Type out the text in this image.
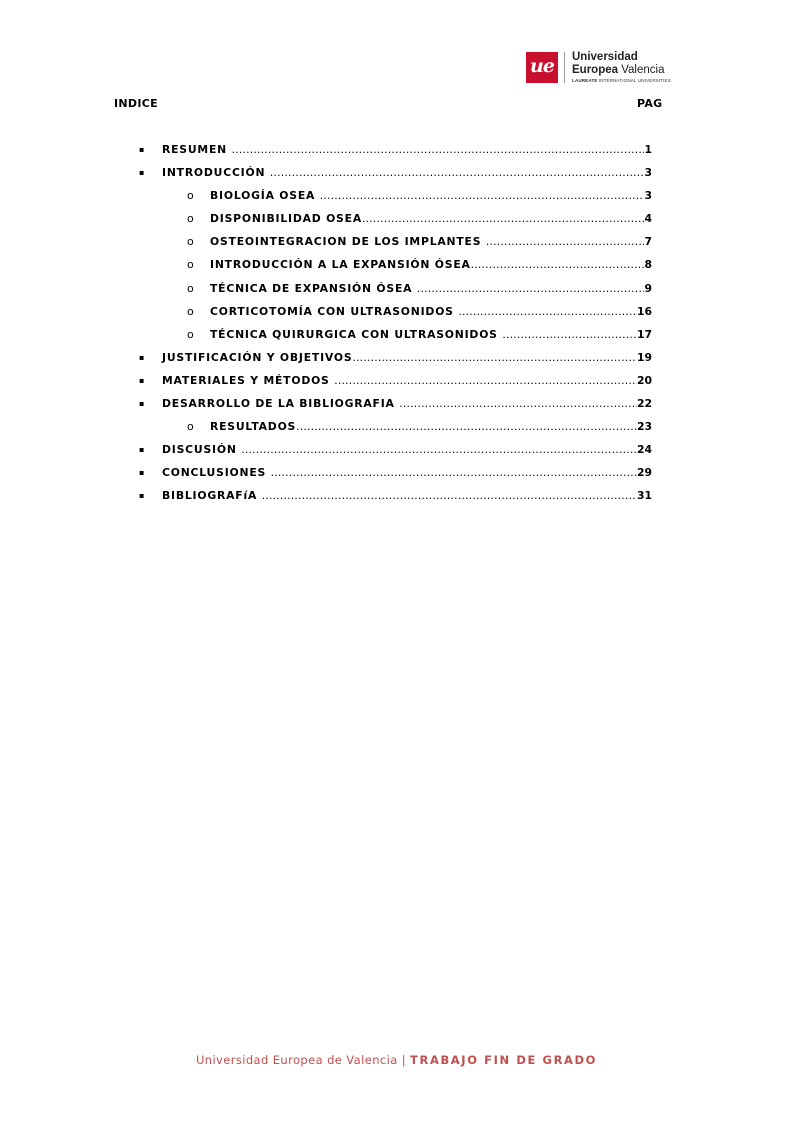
ue	Universidad
Europea Valencia
LAUREATE INTERNATIONAL UNIVERSITIES
INDICE	PAG
▪ RESUMEN .....	1
▪ INTRODUCCIÓN .....	3
o BIOLOGÍA OSEA .....	3
o DISPONIBILIDAD OSEA .....	4
o OSTEOINTEGRACION DE LOS IMPLANTES .....	7
o INTRODUCCIÓN A LA EXPANSIÓN ÓSEA .....	8
o TÉCNICA DE EXPANSIÓN ÓSEA .....	9
o CORTICOTOMÍA CON ULTRASONIDOS .....	16
o TÉCNICA QUIRURGICA CON ULTRASONIDOS .....	17
▪ JUSTIFICACIÓN Y OBJETIVOS .....	19
▪ MATERIALES Y MÉTODOS .....	20
▪ DESARROLLO DE LA BIBLIOGRAFIA .....	22
o RESULTADOS .....	23
▪ DISCUSIÓN .....	24
▪ CONCLUSIONES .....	29
▪ BIBLIOGRAFíA .....	31
Universidad Europea de Valencia | TRABAJO FIN DE GRADO
